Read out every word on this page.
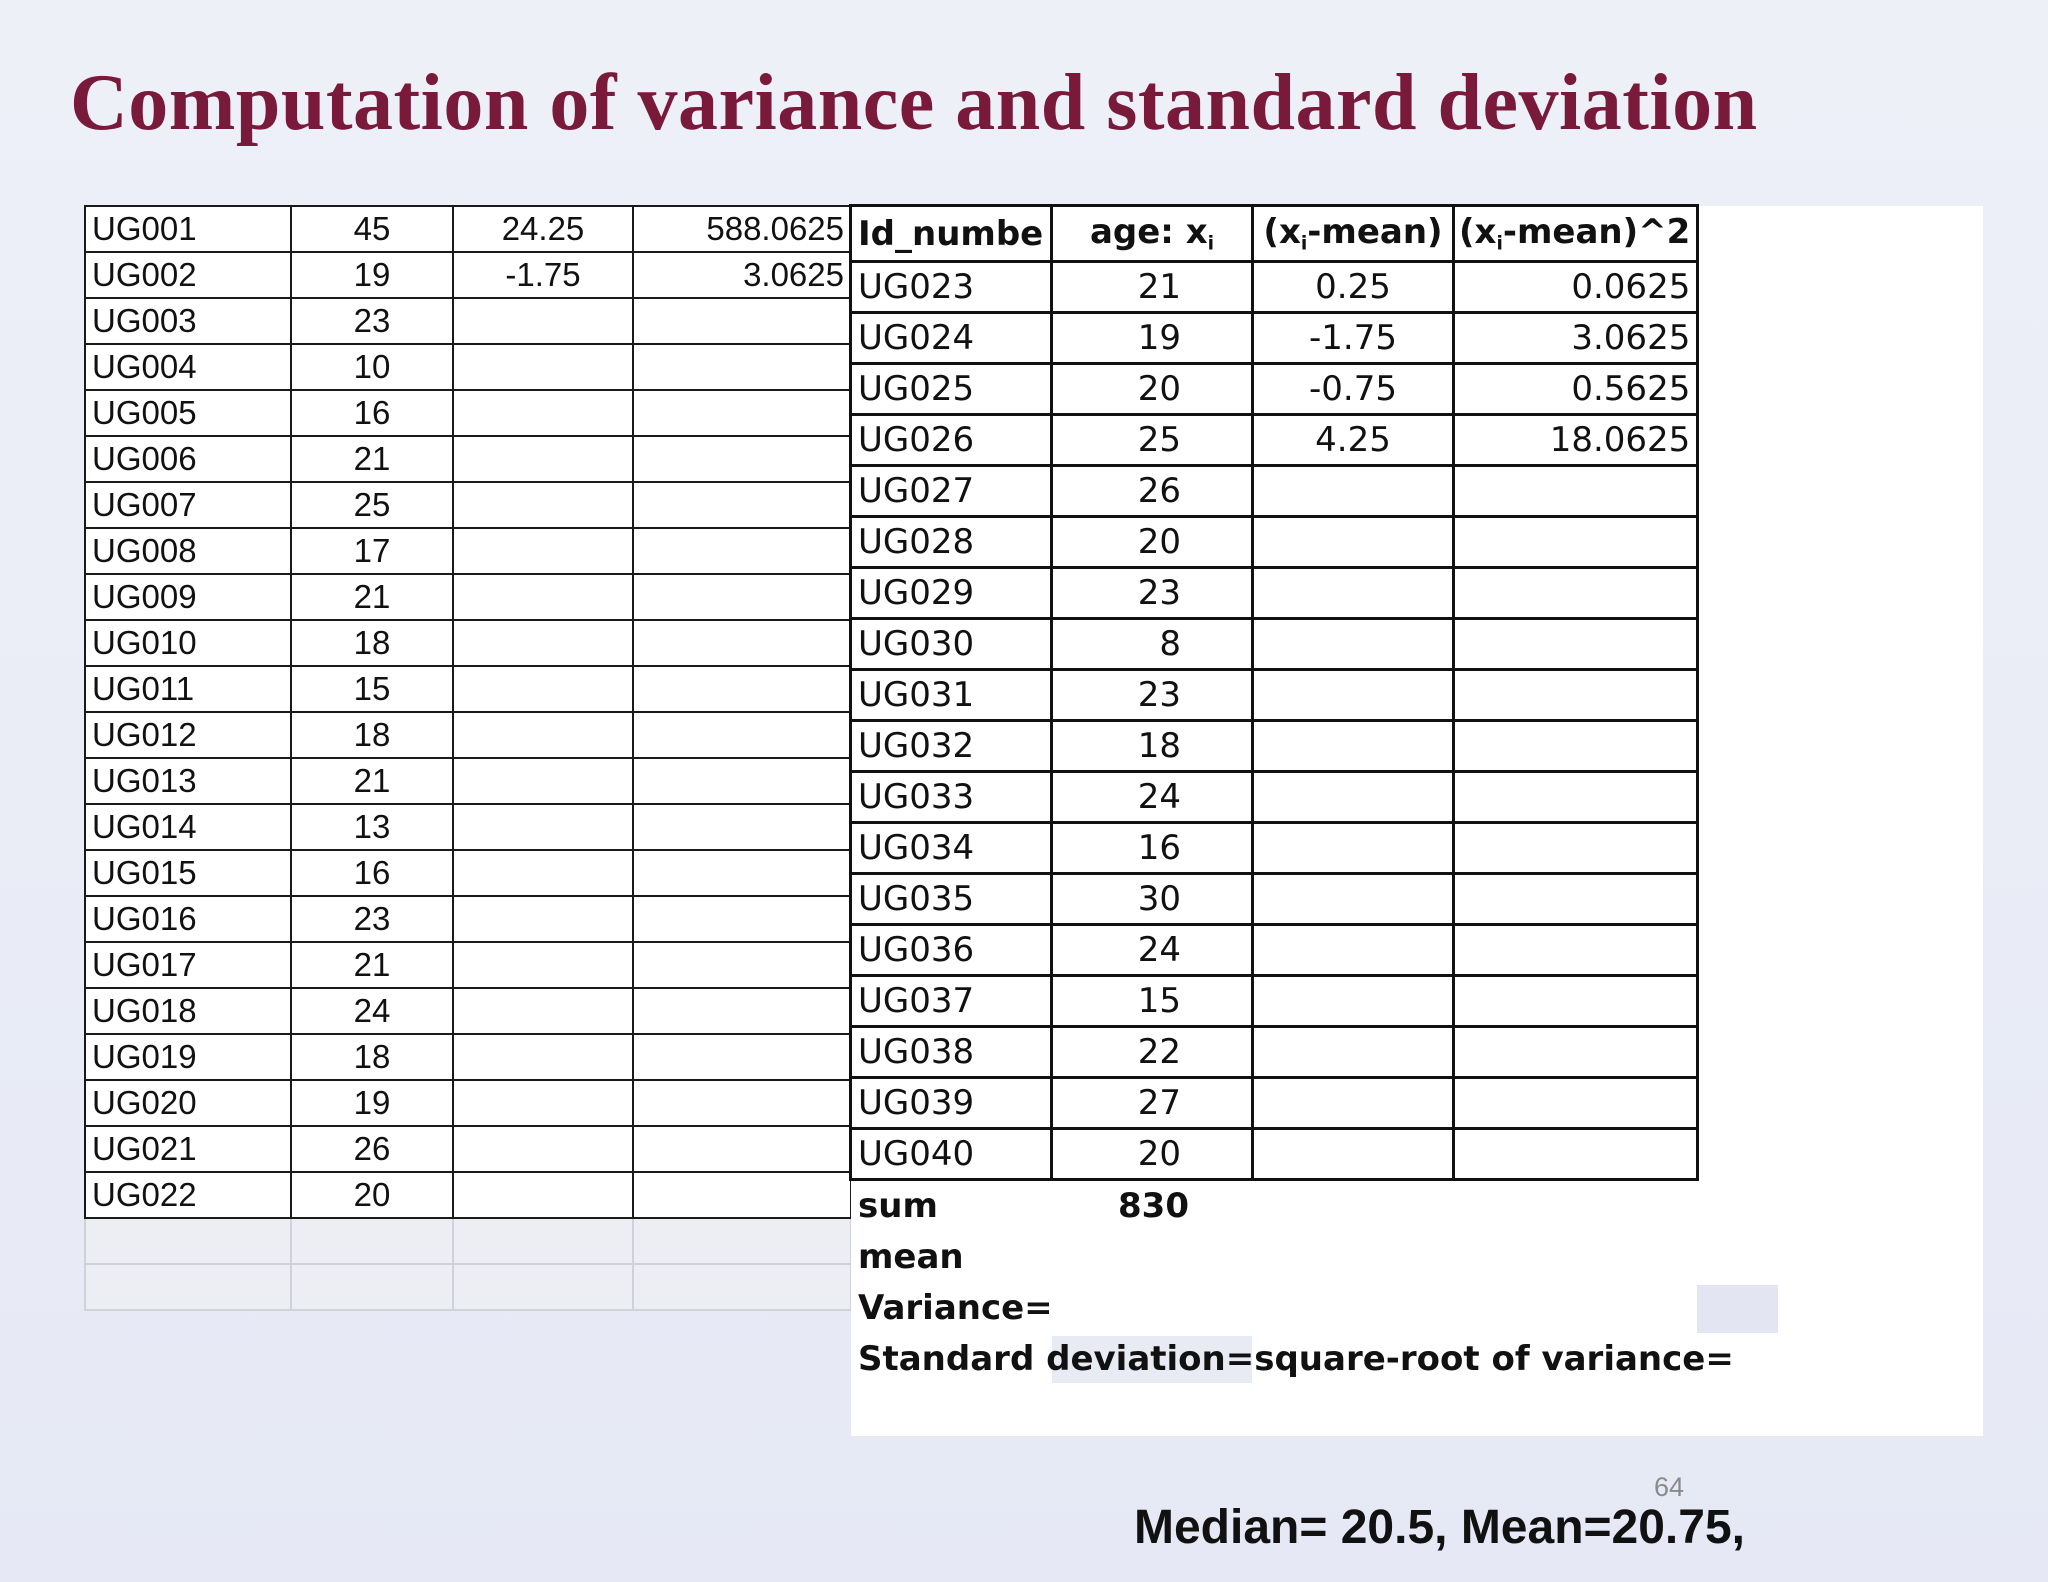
Computation of variance and standard deviation
UG001	45	24.25	588.0625
UG002	19	-1.75	3.0625
UG003	23		
UG004	10		
UG005	16		
UG006	21		
UG007	25		
UG008	17		
UG009	21		
UG010	18		
UG011	15		
UG012	18		
UG013	21		
UG014	13		
UG015	16		
UG016	23		
UG017	21		
UG018	24		
UG019	18		
UG020	19		
UG021	26		
UG022	20		

Id_numbe	age: $x_i$	$(x_i-mean)$	$(x_i-mean)\^{}2$
UG023	21	0.25	0.0625
UG024	19	-1.75	3.0625
UG025	20	-0.75	0.5625
UG026	25	4.25	18.0625
UG027	26		
UG028	20		
UG029	23		
UG030	8		
UG031	23		
UG032	18		
UG033	24		
UG034	16		
UG035	30		
UG036	24		
UG037	15		
UG038	22		
UG039	27		
UG040	20		
sum	830
mean
Variance=
Standard deviation=square-root of variance=
64
Median= 20.5, Mean=20.75,
